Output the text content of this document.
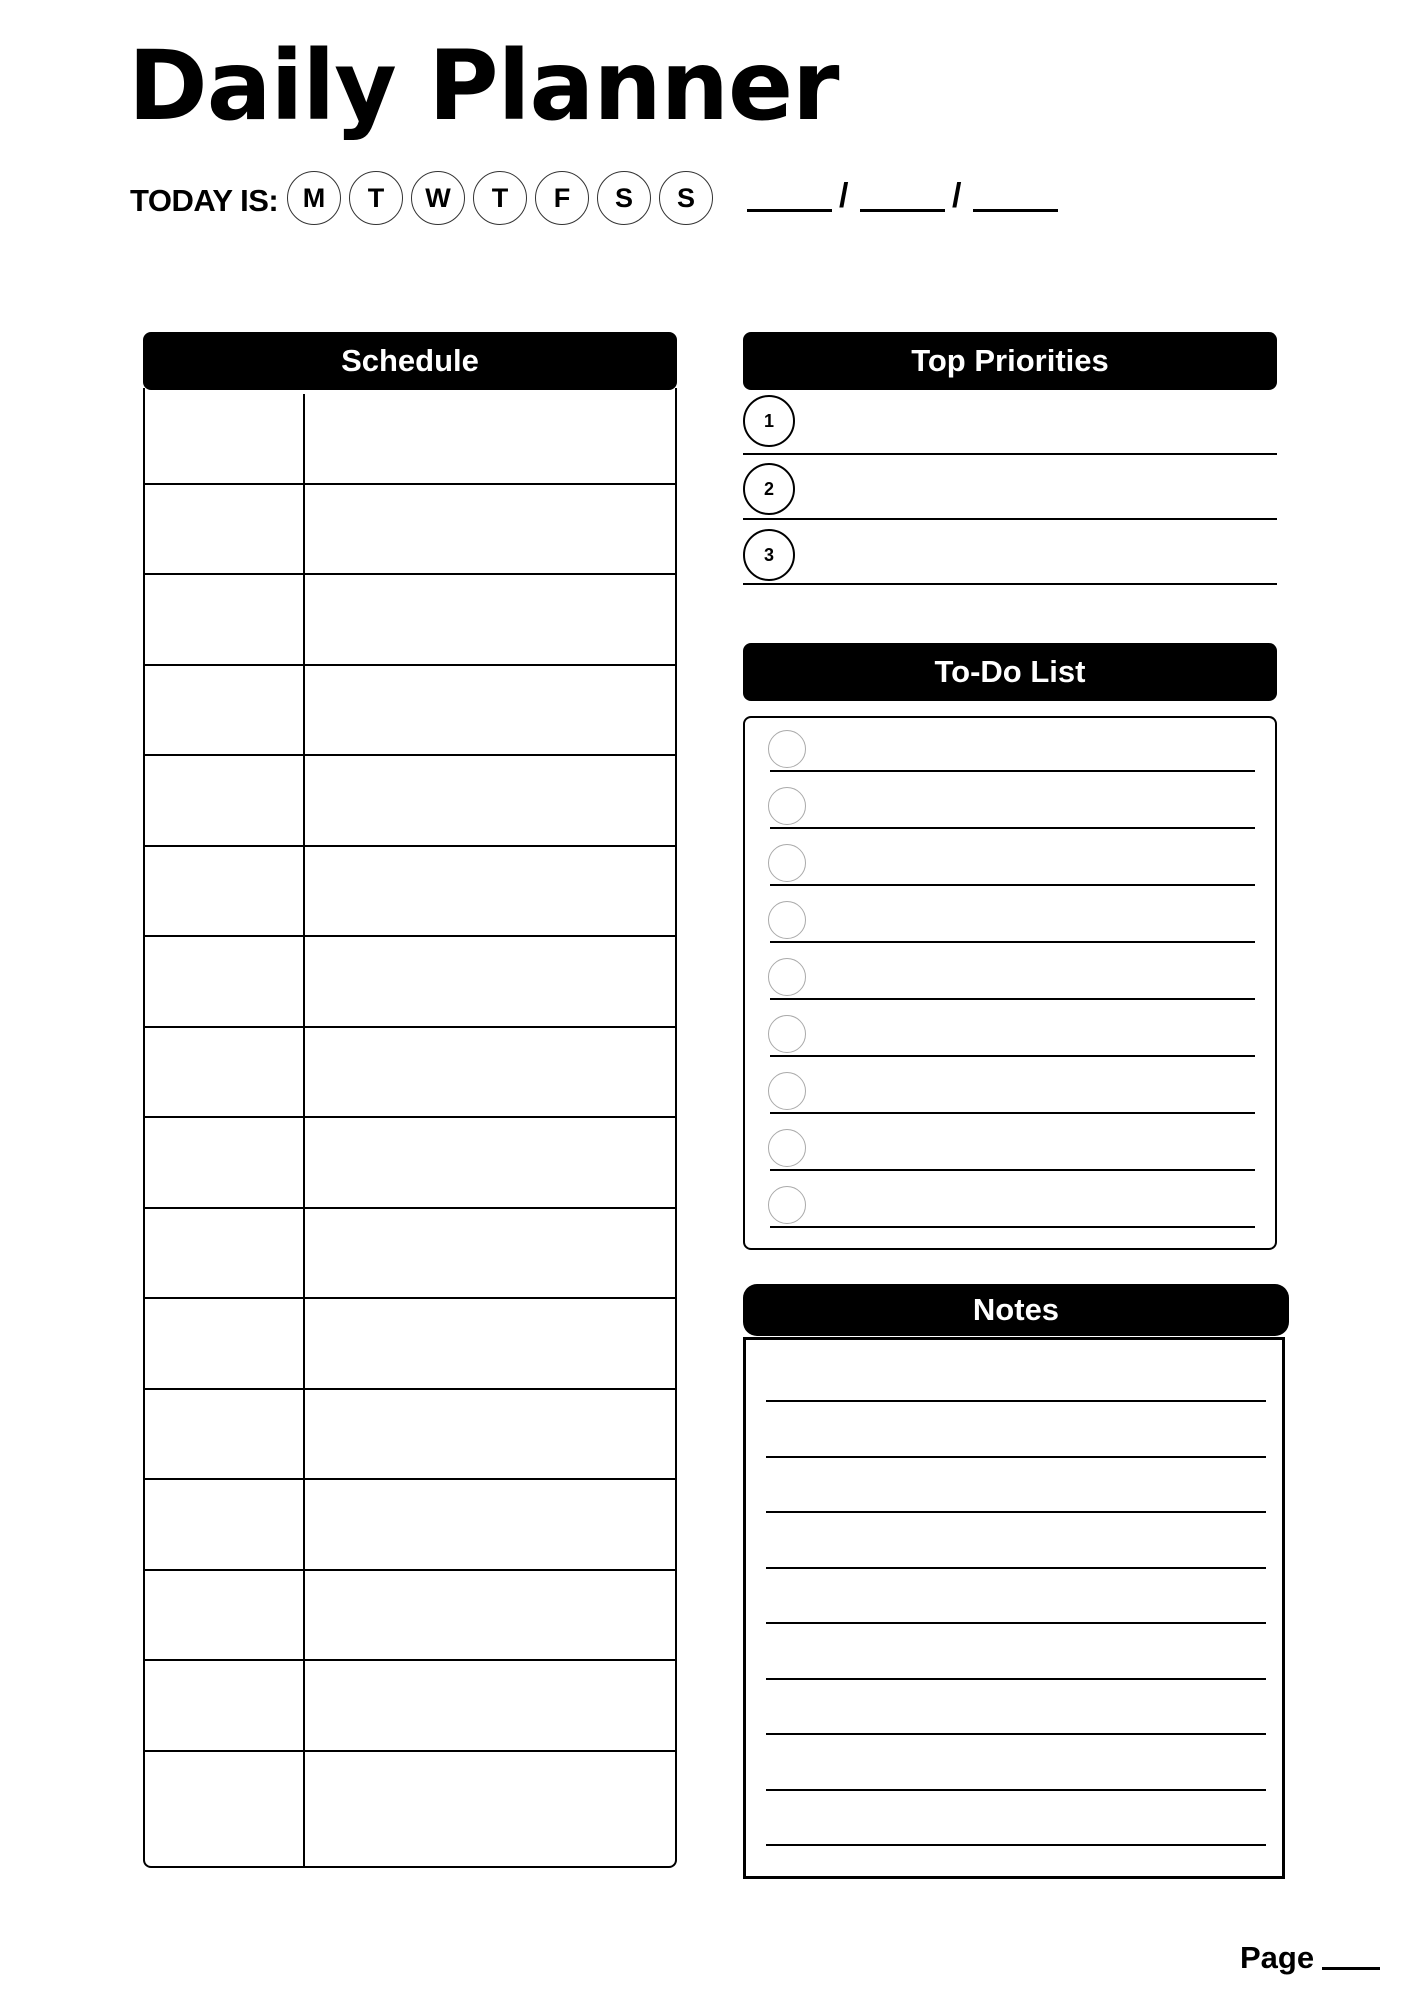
Daily Planner
TODAY IS: M	T	W	T	F	S	S	/	/
Schedule	Top Priorities
1
2
3
To-Do List
Notes
Page
